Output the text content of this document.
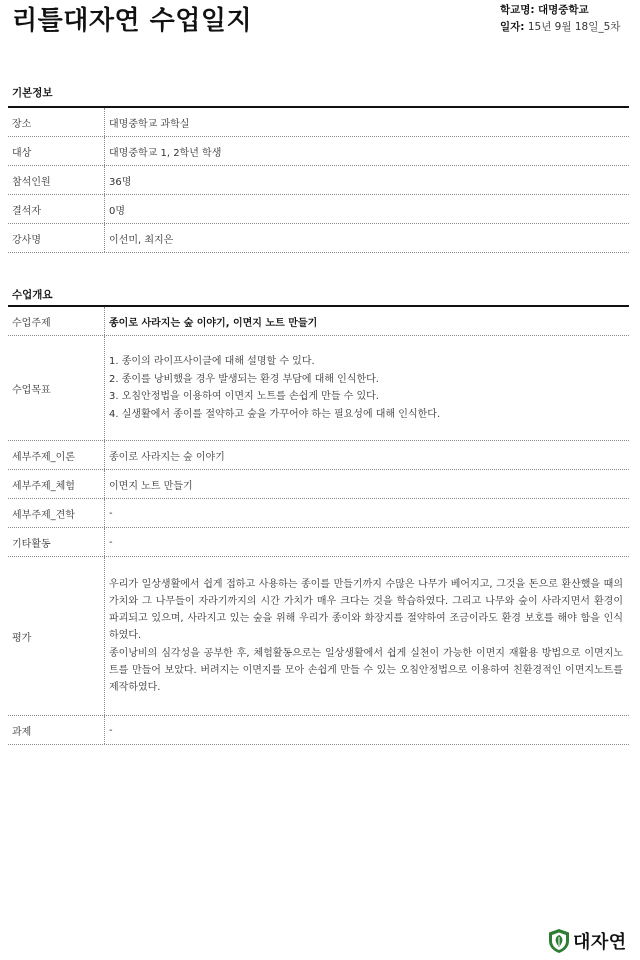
리틀대자연 수업일지	학교명: 대명중학교
일자: 15년 9월 18일_5차
기본정보
장소	대명중학교 과학실
대상	대명중학교 1, 2학년 학생
참석인원	36명
결석자	0명
강사명	이선미, 최지은
수업개요
수업주제	종이로 사라지는 숲 이야기, 이면지 노트 만들기
수업목표
1. 종이의 라이프사이클에 대해 설명할 수 있다.
2. 종이를 낭비했을 경우 발생되는 환경 부담에 대해 인식한다.
3. 오침안정법을 이용하여 이면지 노트를 손쉽게 만들 수 있다.
4. 실생활에서 종이를 절약하고 숲을 가꾸어야 하는 필요성에 대해 인식한다.
세부주제_이론	종이로 사라지는 숲 이야기
세부주제_체험	이면지 노트 만들기
세부주제_견학	-
기타활동	-
평가

우리가 일상생활에서 쉽게 접하고 사용하는 종이를 만들기까지 수많은 나무가 베어지고, 그것을 돈으로 환산했을 때의 가치와 그 나무들이 자라기까지의 시간 가치가 매우 크다는 것을 학습하였다. 그리고 나무와 숲이 사라지면서 환경이 파괴되고 있으며, 사라지고 있는 숲을 위해 우리가 종이와 화장지를 절약하여 조금이라도 환경 보호를 해야 함을 인식하였다.

종이낭비의 심각성을 공부한 후, 체험활동으로는 일상생활에서 쉽게 실천이 가능한 이면지 재활용 방법으로 이면지노트를 만들어 보았다. 버려지는 이면지를 모아 손쉽게 만들 수 있는 오침안정법으로 이용하여 친환경적인 이면지노트를 제작하였다.

과제	-
대자연
